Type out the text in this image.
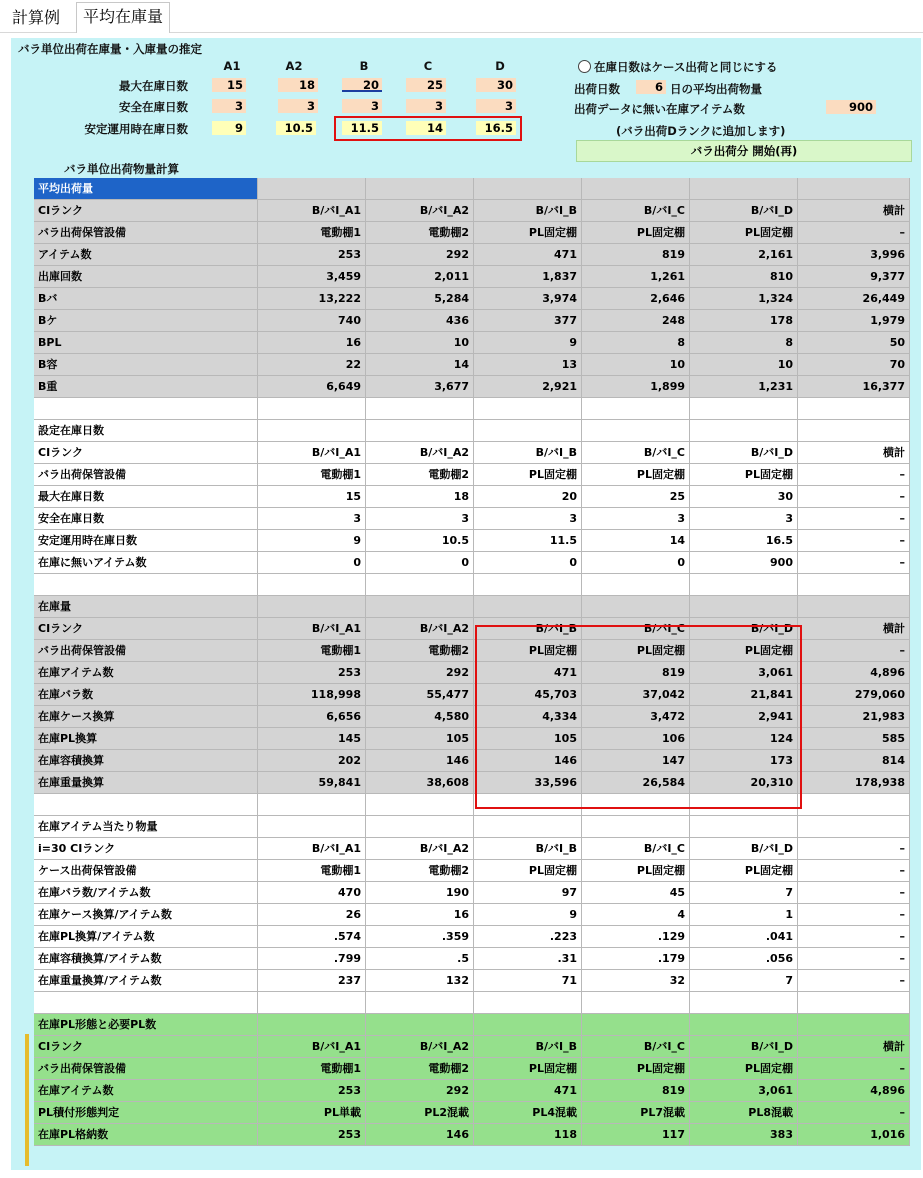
計算例	平均在庫量
バラ単位出荷在庫量・入庫量の推定
A1	A2	B	C	D
最大在庫日数	15	18	20	25	30
安全在庫日数	3	3	3	3	3
安定運用時在庫日数	9	10.5	11.5	14	16.5
在庫日数はケース出荷と同じにする
出荷日数	6 日の平均出荷物量
出荷データに無い在庫アイテム数	900
(バラ出荷Dランクに追加します)
バラ出荷分 開始(再)
バラ単位出荷物量計算
平均出荷量
CIランク	B/バI_A1	B/バI_A2	B/バI_B	B/バI_C	B/バI_D	横計
バラ出荷保管設備	電動棚1	電動棚2	PL固定棚	PL固定棚	PL固定棚	–
アイテム数	253	292	471	819	2,161	3,996
出庫回数	3,459	2,011	1,837	1,261	810	9,377
Bバ	13,222	5,284	3,974	2,646	1,324	26,449
Bケ	740	436	377	248	178	1,979
BPL	16	10	9	8	8	50
B容	22	14	13	10	10	70
B重	6,649	3,677	2,921	1,899	1,231	16,377
設定在庫日数
CIランク	B/バI_A1	B/バI_A2	B/バI_B	B/バI_C	B/バI_D	横計
バラ出荷保管設備	電動棚1	電動棚2	PL固定棚	PL固定棚	PL固定棚	–
最大在庫日数	15	18	20	25	30	–
安全在庫日数	3	3	3	3	3	–
安定運用時在庫日数	9	10.5	11.5	14	16.5	–
在庫に無いアイテム数	0	0	0	0	900	–
在庫量
CIランク	B/バI_A1	B/バI_A2	B/バI_B	B/バI_C	B/バI_D	横計
バラ出荷保管設備	電動棚1	電動棚2	PL固定棚	PL固定棚	PL固定棚	–
在庫アイテム数	253	292	471	819	3,061	4,896
在庫バラ数	118,998	55,477	45,703	37,042	21,841	279,060
在庫ケース換算	6,656	4,580	4,334	3,472	2,941	21,983
在庫PL換算	145	105	105	106	124	585
在庫容積換算	202	146	146	147	173	814
在庫重量換算	59,841	38,608	33,596	26,584	20,310	178,938
在庫アイテム当たり物量
i=30 CIランク	B/バI_A1	B/バI_A2	B/バI_B	B/バI_C	B/バI_D	–
ケース出荷保管設備	電動棚1	電動棚2	PL固定棚	PL固定棚	PL固定棚	–
在庫バラ数/アイテム数	470	190	97	45	7	–
在庫ケース換算/アイテム数	26	16	9	4	1	–
在庫PL換算/アイテム数	.574	.359	.223	.129	.041	–
在庫容積換算/アイテム数	.799	.5	.31	.179	.056	–
在庫重量換算/アイテム数	237	132	71	32	7	–
在庫PL形態と必要PL数
CIランク	B/バI_A1	B/バI_A2	B/バI_B	B/バI_C	B/バI_D	横計
バラ出荷保管設備	電動棚1	電動棚2	PL固定棚	PL固定棚	PL固定棚	–
在庫アイテム数	253	292	471	819	3,061	4,896
PL積付形態判定	PL単載	PL2混載	PL4混載	PL7混載	PL8混載	–
在庫PL格納数	253	146	118	117	383	1,016
